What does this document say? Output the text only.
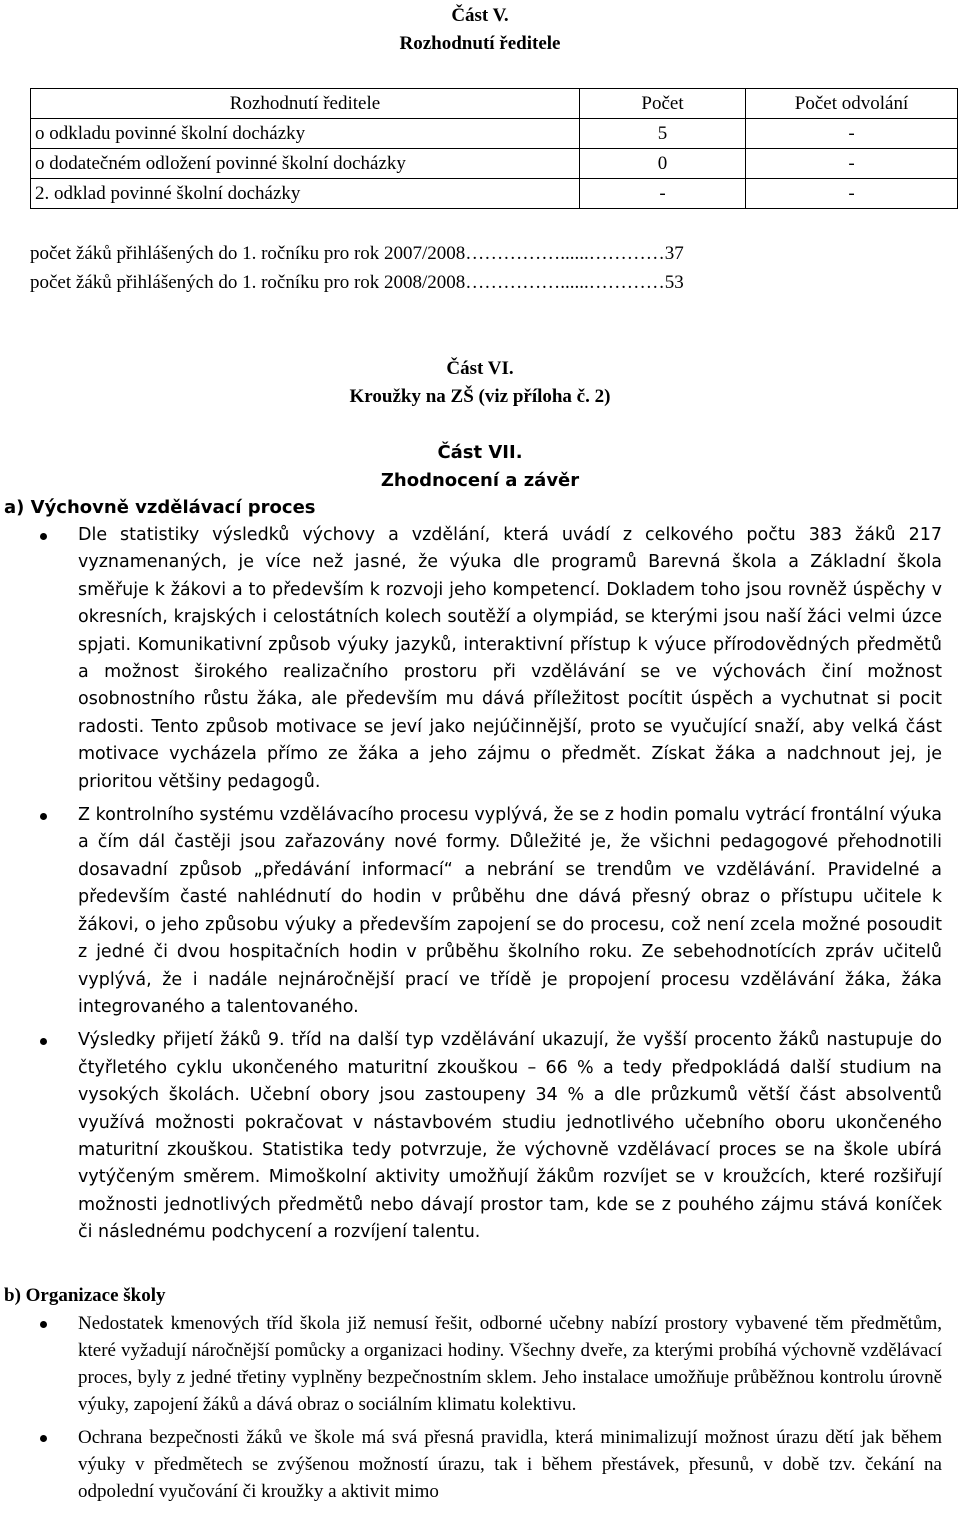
Část V.
Rozhodnutí ředitele
Rozhodnutí ředitele	Počet	Počet odvolání
o odkladu povinné školní docházky	5	-
o dodatečném odložení povinné školní docházky	0	-
2. odklad povinné školní docházky	-	-
počet žáků přihlášených do 1. ročníku pro rok 2007/2008……………......…………37
počet žáků přihlášených do 1. ročníku pro rok 2008/2008……………......…………53
Část VI.
Kroužky na ZŠ (viz příloha č. 2)
Část VII.
Zhodnocení a závěr
a) Výchovně vzdělávací proces
Dle statistiky výsledků výchovy a vzdělání, která uvádí z celkového počtu 383 žáků 217 vyznamenaných, je více než jasné, že výuka dle programů Barevná škola a Základní škola směřuje k žákovi a to především k rozvoji jeho kompetencí. Dokladem toho jsou rovněž úspěchy v okresních, krajských i celostátních kolech soutěží a olympiád, se kterými jsou naší žáci velmi úzce spjati. Komunikativní způsob výuky jazyků, interaktivní přístup k výuce přírodovědných předmětů a možnost širokého realizačního prostoru při vzdělávání se ve výchovách činí možnost osobnostního růstu žáka, ale především mu dává příležitost pocítit úspěch a vychutnat si pocit radosti. Tento způsob motivace se jeví jako nejúčinnější, proto se vyučující snaží, aby velká část motivace vycházela přímo ze žáka a jeho zájmu o předmět. Získat žáka a nadchnout jej, je prioritou většiny pedagogů.
Z kontrolního systému vzdělávacího procesu vyplývá, že se z hodin pomalu vytrácí frontální výuka a čím dál častěji jsou zařazovány nové formy. Důležité je, že všichni pedagogové přehodnotili dosavadní způsob „předávání informací“ a nebrání se trendům ve vzdělávání. Pravidelné a především časté nahlédnutí do hodin v průběhu dne dává přesný obraz o přístupu učitele k žákovi, o jeho způsobu výuky a především zapojení se do procesu, což není zcela možné posoudit z jedné či dvou hospitačních hodin v průběhu školního roku. Ze sebehodnotících zpráv učitelů vyplývá, že i nadále nejnáročnější prací ve třídě je propojení procesu vzdělávání žáka, žáka integrovaného a talentovaného.
Výsledky přijetí žáků 9. tříd na další typ vzdělávání ukazují, že vyšší procento žáků nastupuje do čtyřletého cyklu ukončeného maturitní zkouškou – 66 % a tedy předpokládá další studium na vysokých školách. Učební obory jsou zastoupeny 34 % a dle průzkumů větší část absolventů využívá možnosti pokračovat v nástavbovém studiu jednotlivého učebního oboru ukončeného maturitní zkouškou. Statistika tedy potvrzuje, že výchovně vzdělávací proces se na škole ubírá vytýčeným směrem. Mimoškolní aktivity umožňují žákům rozvíjet se v kroužcích, které rozšiřují možnosti jednotlivých předmětů nebo dávají prostor tam, kde se z pouhého zájmu stává koníček či následnému podchycení a rozvíjení talentu.
b) Organizace školy
Nedostatek kmenových tříd škola již nemusí řešit, odborné učebny nabízí prostory vybavené těm předmětům, které vyžadují náročnější pomůcky a organizaci hodiny. Všechny dveře, za kterými probíhá výchovně vzdělávací proces, byly z jedné třetiny vyplněny bezpečnostním sklem. Jeho instalace umožňuje průběžnou kontrolu úrovně výuky, zapojení žáků a dává obraz o sociálním klimatu kolektivu.
Ochrana bezpečnosti žáků ve škole má svá přesná pravidla, která minimalizují možnost úrazu dětí jak během výuky v předmětech se zvýšenou možností úrazu, tak i během přestávek, přesunů, v době tzv. čekání na odpolední vyučování či kroužky a aktivit mimo
